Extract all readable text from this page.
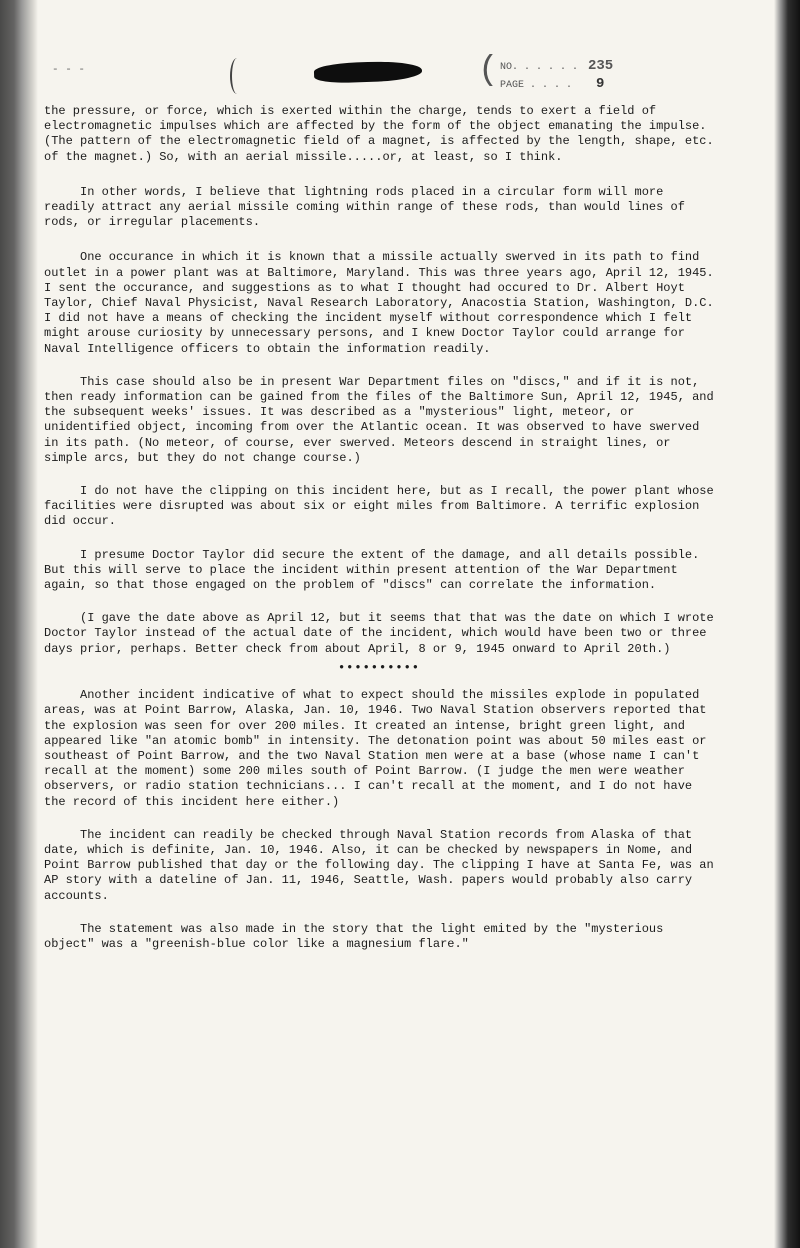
- - -	( NO. . . . . . 235
PAGE . . . . 9

the pressure, or force, which is exerted within the charge, tends to exert a field of electromagnetic impulses which are affected by the form of the object emanating the impulse. (The pattern of the electromagnetic field of a magnet, is affected by the length, shape, etc. of the magnet.) So, with an aerial missile.....or, at least, so I think.

In other words, I believe that lightning rods placed in a circular form will more readily attract any aerial missile coming within range of these rods, than would lines of rods, or irregular placements.

One occurance in which it is known that a missile actually swerved in its path to find outlet in a power plant was at Baltimore, Maryland. This was three years ago, April 12, 1945. I sent the occurance, and suggestions as to what I thought had occured to Dr. Albert Hoyt Taylor, Chief Naval Physicist, Naval Research Laboratory, Anacostia Station, Washington, D.C. I did not have a means of checking the incident myself without correspondence which I felt might arouse curiosity by unnecessary persons, and I knew Doctor Taylor could arrange for Naval Intelligence officers to obtain the information readily.

This case should also be in present War Department files on "discs," and if it is not, then ready information can be gained from the files of the Baltimore Sun, April 12, 1945, and the subsequent weeks' issues. It was described as a "mysterious" light, meteor, or unidentified object, incoming from over the Atlantic ocean. It was observed to have swerved in its path. (No meteor, of course, ever swerved. Meteors descend in straight lines, or simple arcs, but they do not change course.)

I do not have the clipping on this incident here, but as I recall, the power plant whose facilities were disrupted was about six or eight miles from Baltimore. A terrific explosion did occur.

I presume Doctor Taylor did secure the extent of the damage, and all details possible. But this will serve to place the incident within present attention of the War Department again, so that those engaged on the problem of "discs" can correlate the information.

(I gave the date above as April 12, but it seems that that was the date on which I wrote Doctor Taylor instead of the actual date of the incident, which would have been two or three days prior, perhaps. Better check from about April, 8 or 9, 1945 onward to April 20th.)

••••••••••

Another incident indicative of what to expect should the missiles explode in populated areas, was at Point Barrow, Alaska, Jan. 10, 1946. Two Naval Station observers reported that the explosion was seen for over 200 miles. It created an intense, bright green light, and appeared like "an atomic bomb" in intensity. The detonation point was about 50 miles east or southeast of Point Barrow, and the two Naval Station men were at a base (whose name I can't recall at the moment) some 200 miles south of Point Barrow. (I judge the men were weather observers, or radio station technicians... I can't recall at the moment, and I do not have the record of this incident here either.)

The incident can readily be checked through Naval Station records from Alaska of that date, which is definite, Jan. 10, 1946. Also, it can be checked by newspapers in Nome, and Point Barrow published that day or the following day. The clipping I have at Santa Fe, was an AP story with a dateline of Jan. 11, 1946, Seattle, Wash. papers would probably also carry accounts.

The statement was also made in the story that the light emited by the "mysterious object" was a "greenish-blue color like a magnesium flare."
